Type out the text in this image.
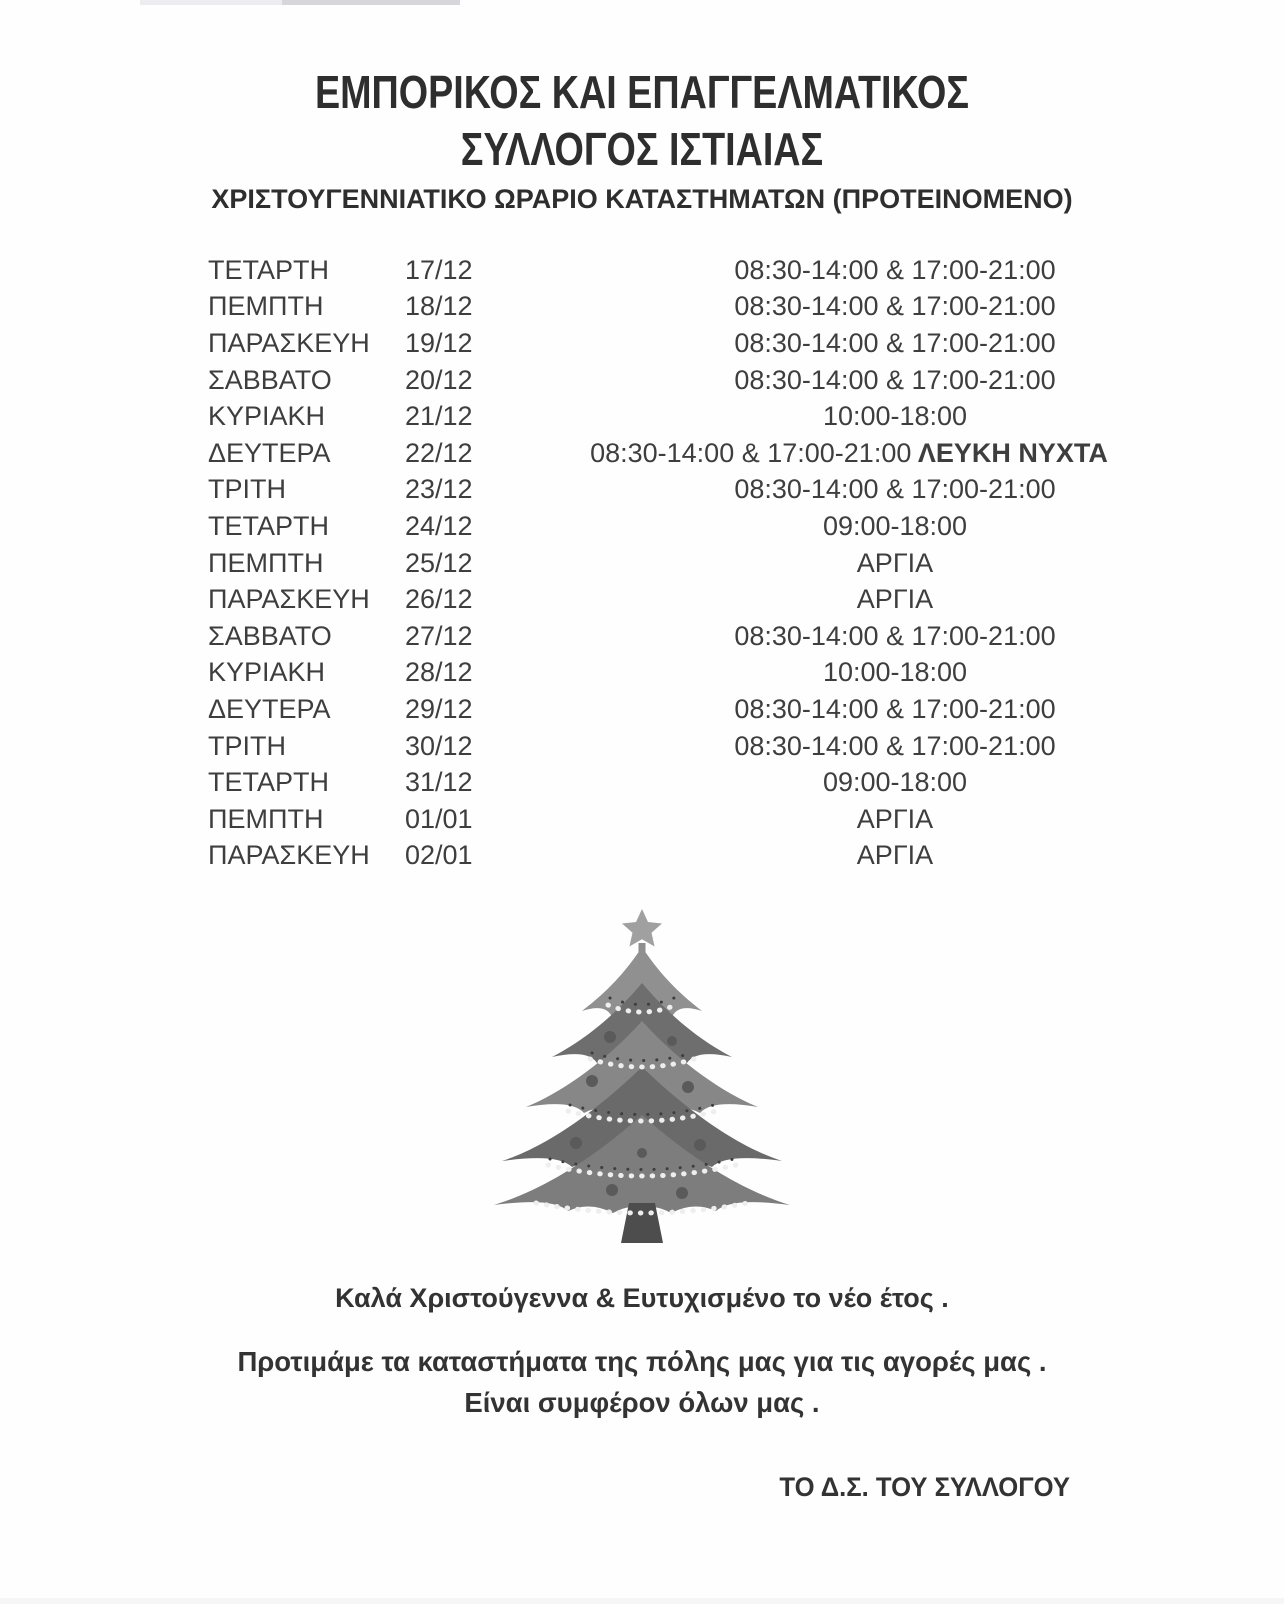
ΕΜΠΟΡΙΚΟΣ ΚΑΙ ΕΠΑΓΓΕΛΜΑΤΙΚΟΣ
ΣΥΛΛΟΓΟΣ ΙΣΤΙΑΙΑΣ
ΧΡΙΣΤΟΥΓΕΝΝΙΑΤΙΚΟ ΩΡΑΡΙΟ ΚΑΤΑΣΤΗΜΑΤΩΝ (ΠΡΟΤΕΙΝΟΜΕΝΟ)
ΤΕΤΑΡΤΗ	17/12	08:30-14:00 & 17:00-21:00
ΠΕΜΠΤΗ	18/12	08:30-14:00 & 17:00-21:00
ΠΑΡΑΣΚΕΥΗ	19/12	08:30-14:00 & 17:00-21:00
ΣΑΒΒΑΤΟ	20/12	08:30-14:00 & 17:00-21:00
ΚΥΡΙΑΚΗ	21/12	10:00-18:00
ΔΕΥΤΕΡΑ	22/12	08:30-14:00 & 17:00-21:00 ΛΕΥΚΗ ΝΥΧΤΑ
ΤΡΙΤΗ	23/12	08:30-14:00 & 17:00-21:00
ΤΕΤΑΡΤΗ	24/12	09:00-18:00
ΠΕΜΠΤΗ	25/12	ΑΡΓΙΑ
ΠΑΡΑΣΚΕΥΗ	26/12	ΑΡΓΙΑ
ΣΑΒΒΑΤΟ	27/12	08:30-14:00 & 17:00-21:00
ΚΥΡΙΑΚΗ	28/12	10:00-18:00
ΔΕΥΤΕΡΑ	29/12	08:30-14:00 & 17:00-21:00
ΤΡΙΤΗ	30/12	08:30-14:00 & 17:00-21:00
ΤΕΤΑΡΤΗ	31/12	09:00-18:00
ΠΕΜΠΤΗ	01/01	ΑΡΓΙΑ
ΠΑΡΑΣΚΕΥΗ	02/01	ΑΡΓΙΑ
Καλά Χριστούγεννα & Ευτυχισμένο το νέο έτος .
Προτιμάμε τα καταστήματα της πόλης μας για τις αγορές μας .
Είναι συμφέρον όλων μας .
ΤΟ Δ.Σ. ΤΟΥ ΣΥΛΛΟΓΟΥ
